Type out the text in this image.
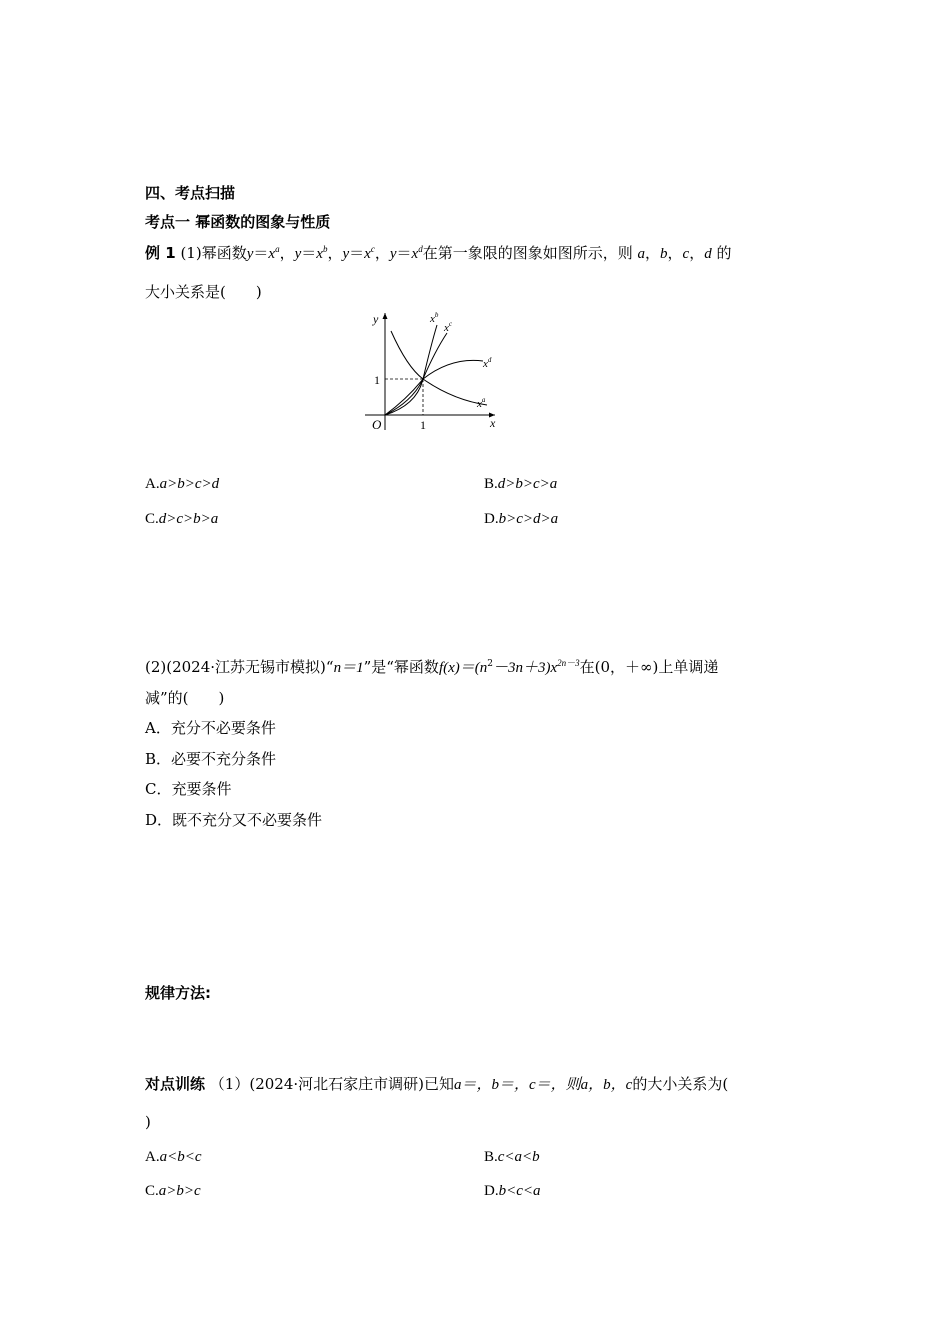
四、考点扫描
考点一 幂函数的图象与性质
例 1 (1)幂函数$y=x^a$，$y=x^b$，$y=x^c$，$y=x^d$在第一象限的图象如图所示，则 a，b，c，d 的
大小关系是(　　)
y
x
O
1
1
$x^b$
$x^c$
$x^d$
$x^a$
A.a>b>c>d	B.d>b>c>a
C.d>c>b>a	D.b>c>d>a
(2)(2024·江苏无锡市模拟)“n＝1”是“幂函数$f(x)=(n^2-3n+3)x^{2n-3}$在(0，＋∞)上单调递
减”的(　　)
A．充分不必要条件
B．必要不充分条件
C．充要条件
D．既不充分又不必要条件
规律方法:
对点训练 （1）(2024·河北石家庄市调研)已知a＝，b＝，c＝，则a，b，c的大小关系为(
)
A.a<b<c	B.c<a<b
C.a>b>c	D.b<c<a
